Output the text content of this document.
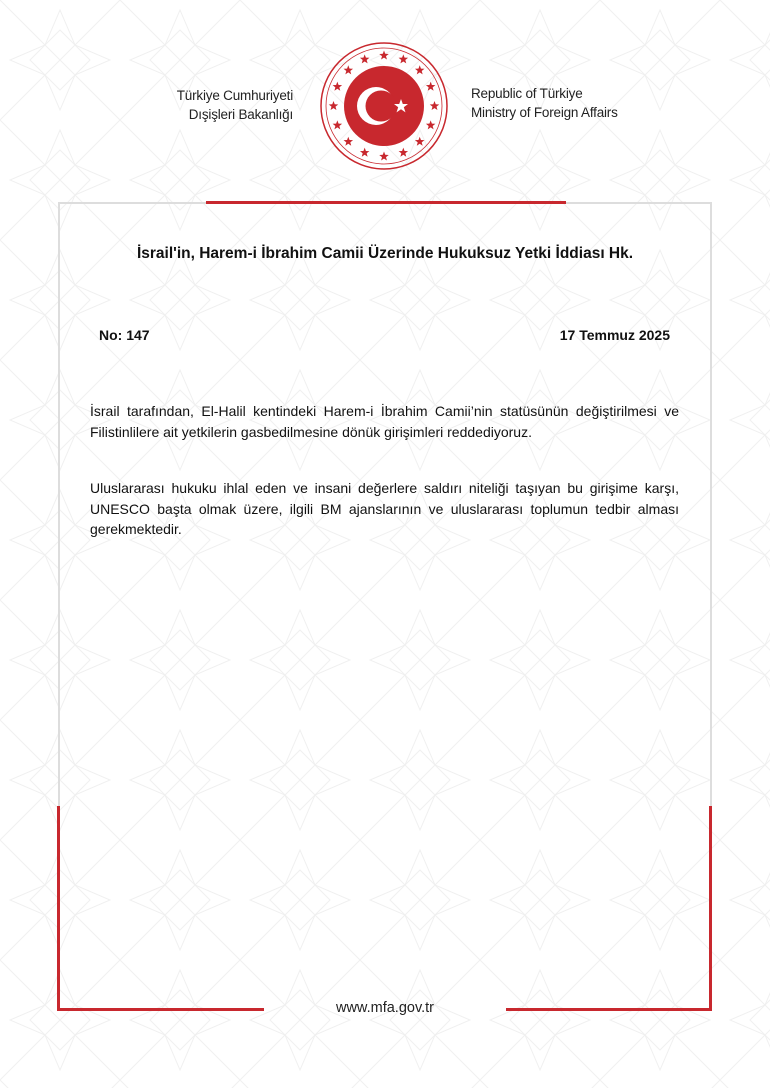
Türkiye Cumhuriyeti
Dışişleri Bakanlığı
Republic of Türkiye
Ministry of Foreign Affairs
İsrail'in, Harem-i İbrahim Camii Üzerinde Hukuksuz Yetki İddiası Hk.
No: 147	17 Temmuz 2025
İsrail tarafından, El-Halil kentindeki Harem-i İbrahim Camii’nin statüsünün değiştirilmesi ve Filistinlilere ait yetkilerin gasbedilmesine dönük girişimleri reddediyoruz.
Uluslararası hukuku ihlal eden ve insani değerlere saldırı niteliği taşıyan bu girişime karşı, UNESCO başta olmak üzere, ilgili BM ajanslarının ve uluslararası toplumun tedbir alması gerekmektedir.
www.mfa.gov.tr
